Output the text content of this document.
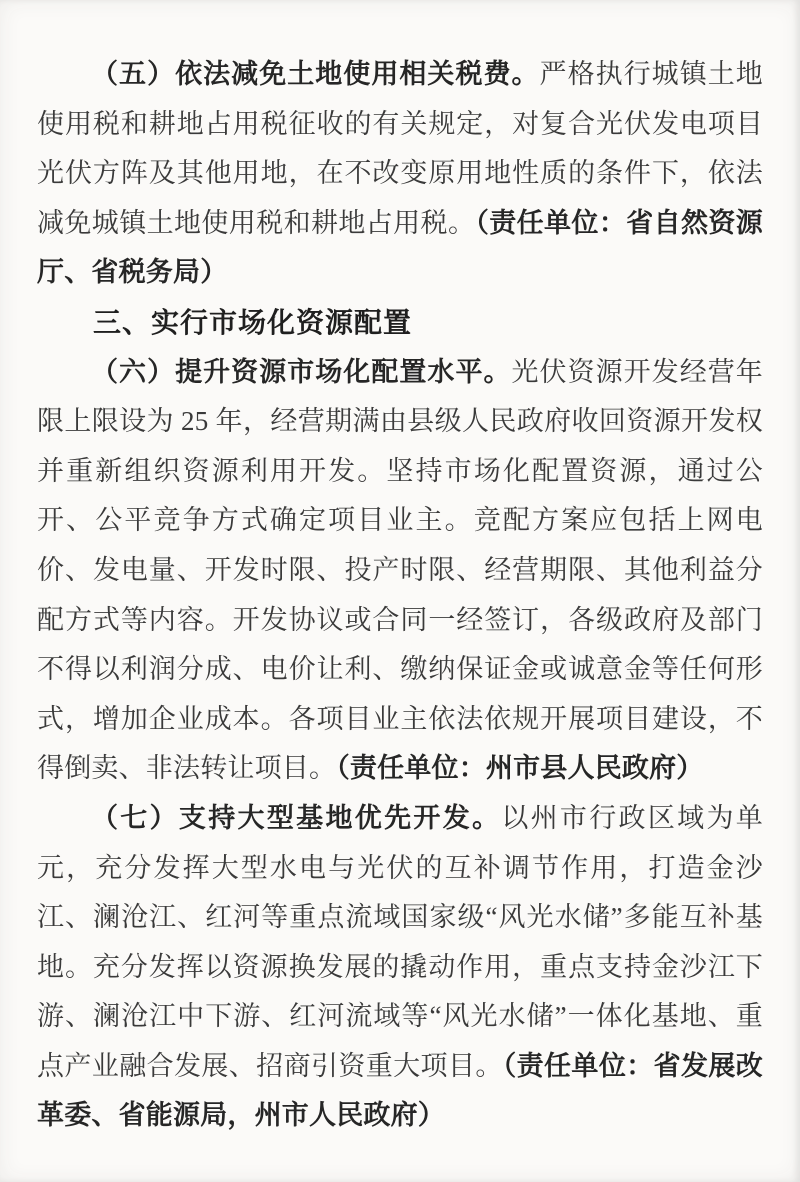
（五）依法减免土地使用相关税费。严格执行城镇土地使用税和耕地占用税征收的有关规定，对复合光伏发电项目光伏方阵及其他用地，在不改变原用地性质的条件下，依法减免城镇土地使用税和耕地占用税。（责任单位：省自然资源厅、省税务局）

三、实行市场化资源配置

（六）提升资源市场化配置水平。光伏资源开发经营年限上限设为 25 年，经营期满由县级人民政府收回资源开发权并重新组织资源利用开发。坚持市场化配置资源，通过公开、公平竞争方式确定项目业主。竞配方案应包括上网电价、发电量、开发时限、投产时限、经营期限、其他利益分配方式等内容。开发协议或合同一经签订，各级政府及部门不得以利润分成、电价让利、缴纳保证金或诚意金等任何形式，增加企业成本。各项目业主依法依规开展项目建设，不得倒卖、非法转让项目。（责任单位：州市县人民政府）

（七）支持大型基地优先开发。以州市行政区域为单元，充分发挥大型水电与光伏的互补调节作用，打造金沙江、澜沧江、红河等重点流域国家级“风光水储”多能互补基地。充分发挥以资源换发展的撬动作用，重点支持金沙江下游、澜沧江中下游、红河流域等“风光水储”一体化基地、重点产业融合发展、招商引资重大项目。（责任单位：省发展改革委、省能源局，州市人民政府）
